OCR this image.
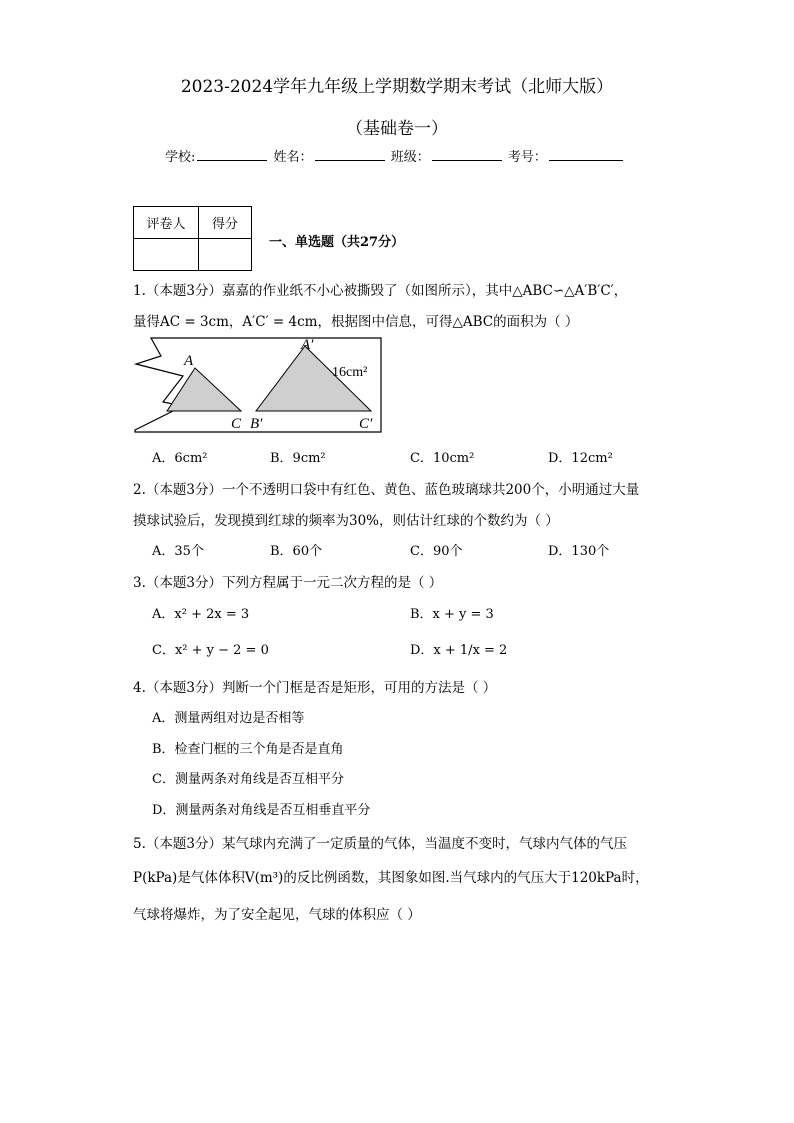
2023-2024学年九年级上学期数学期末考试（北师大版）
（基础卷一）
学校:	姓名：	班级：	考号：
评卷人	得分

一、单选题（共27分）
1.（本题3分）嘉嘉的作业纸不小心被撕毁了（如图所示），其中△ABC∽△A′B′C′，
量得AC = 3cm，A′C′ = 4cm，根据图中信息，可得△ABC的面积为（ ）
A
C
A′
B′	C′
16cm²
A．6cm²	B．9cm²	C．10cm²	D．12cm²
2.（本题3分）一个不透明口袋中有红色、黄色、蓝色玻璃球共200个，小明通过大量
摸球试验后，发现摸到红球的频率为30%，则估计红球的个数约为（ ）
A．35个	B．60个	C．90个	D．130个
3.（本题3分）下列方程属于一元二次方程的是（ ）
A．x² + 2x = 3	B．x + y = 3
C．x² + y − 2 = 0	D．x + 1/x = 2
4.（本题3分）判断一个门框是否是矩形，可用的方法是（ ）
A．测量两组对边是否相等
B．检查门框的三个角是否是直角
C．测量两条对角线是否互相平分
D．测量两条对角线是否互相垂直平分
5.（本题3分）某气球内充满了一定质量的气体，当温度不变时，气球内气体的气压
P(kPa)是气体体积V(m³)的反比例函数，其图象如图.当气球内的气压大于120kPa时，
气球将爆炸，为了安全起见，气球的体积应（ ）
